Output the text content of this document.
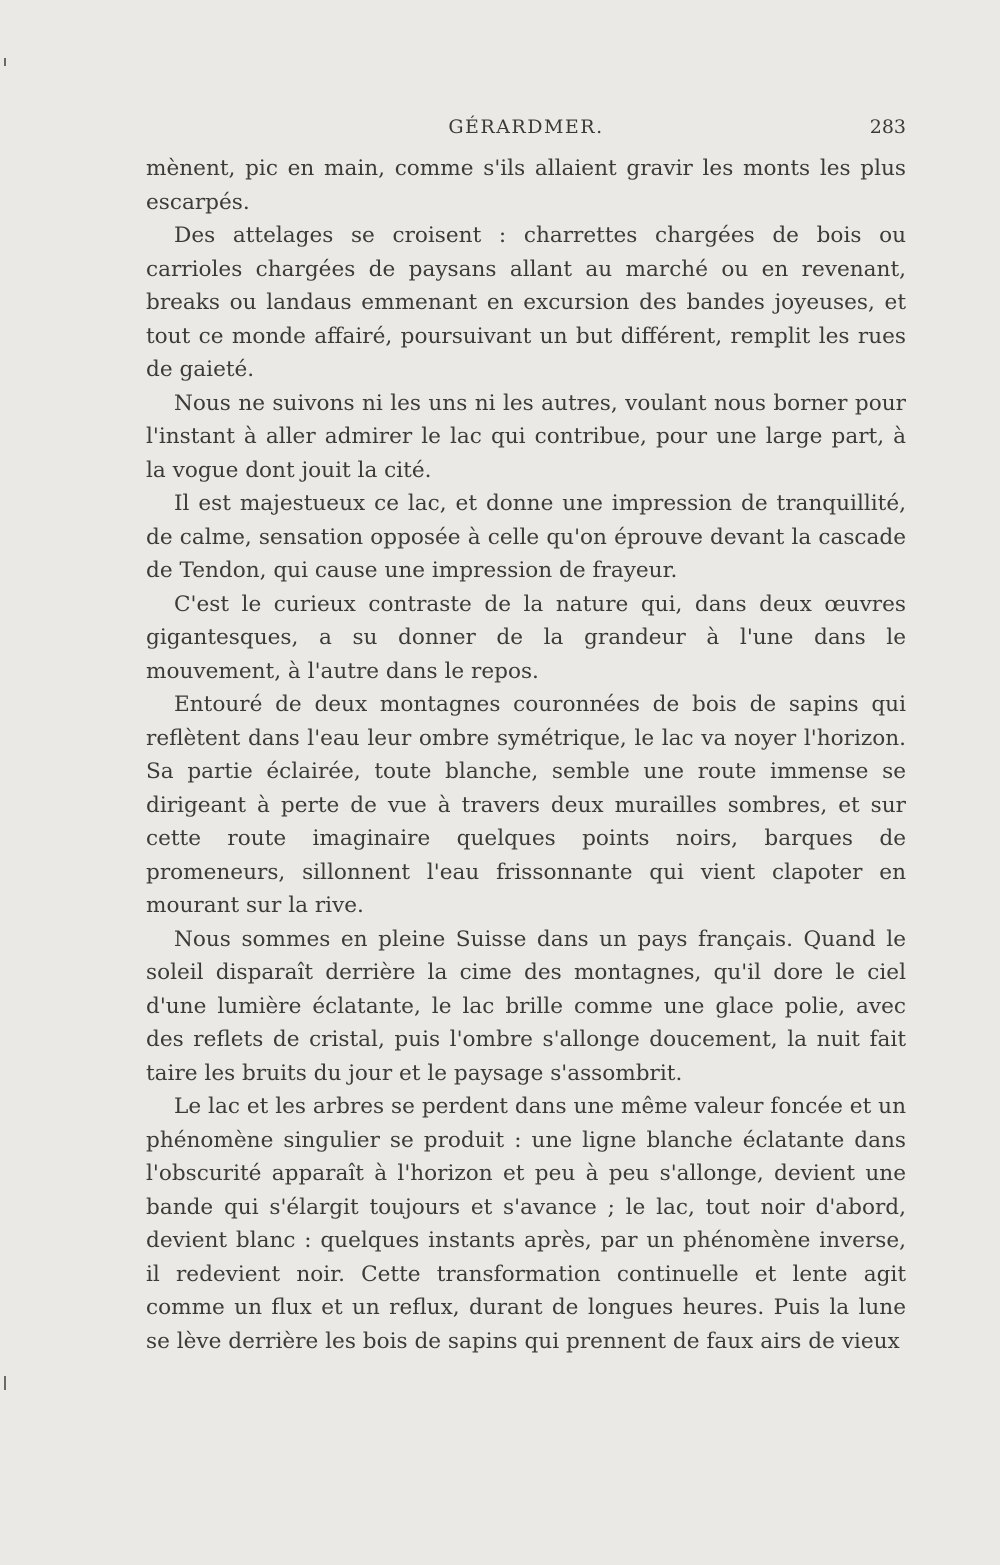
GÉRARDMER.	283

mènent, pic en main, comme s'ils allaient gravir les monts les plus escarpés.

Des attelages se croisent : charrettes chargées de bois ou carrioles chargées de paysans allant au marché ou en revenant, breaks ou landaus emmenant en excursion des bandes joyeuses, et tout ce monde affairé, poursuivant un but différent, remplit les rues de gaieté.

Nous ne suivons ni les uns ni les autres, voulant nous borner pour l'instant à aller admirer le lac qui contribue, pour une large part, à la vogue dont jouit la cité.

Il est majestueux ce lac, et donne une impression de tranquillité, de calme, sensation opposée à celle qu'on éprouve devant la cascade de Tendon, qui cause une impression de frayeur.

C'est le curieux contraste de la nature qui, dans deux œuvres gigantesques, a su donner de la grandeur à l'une dans le mouvement, à l'autre dans le repos.

Entouré de deux montagnes couronnées de bois de sapins qui reflètent dans l'eau leur ombre symétrique, le lac va noyer l'horizon. Sa partie éclairée, toute blanche, semble une route immense se dirigeant à perte de vue à travers deux murailles sombres, et sur cette route imaginaire quelques points noirs, barques de promeneurs, sillonnent l'eau frissonnante qui vient clapoter en mourant sur la rive.

Nous sommes en pleine Suisse dans un pays français. Quand le soleil disparaît derrière la cime des montagnes, qu'il dore le ciel d'une lumière éclatante, le lac brille comme une glace polie, avec des reflets de cristal, puis l'ombre s'allonge doucement, la nuit fait taire les bruits du jour et le paysage s'assombrit.

Le lac et les arbres se perdent dans une même valeur foncée et un phénomène singulier se produit : une ligne blanche éclatante dans l'obscurité apparaît à l'horizon et peu à peu s'allonge, devient une bande qui s'élargit toujours et s'avance ; le lac, tout noir d'abord, devient blanc : quelques instants après, par un phénomène inverse, il redevient noir. Cette transformation continuelle et lente agit comme un flux et un reflux, durant de longues heures. Puis la lune se lève derrière les bois de sapins qui prennent de faux airs de vieux
